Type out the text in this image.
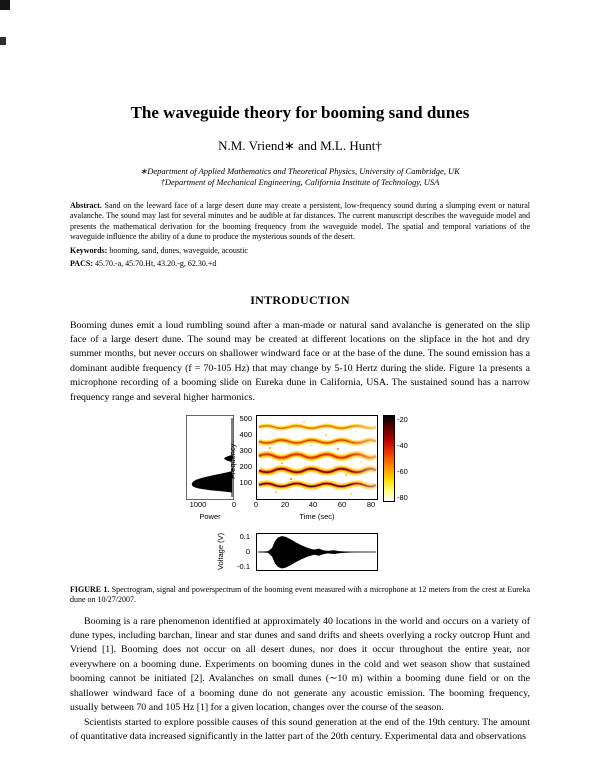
The waveguide theory for booming sand dunes
N.M. Vriend∗ and M.L. Hunt†
∗Department of Applied Mathematics and Theoretical Physics, University of Cambridge, UK
†Department of Mechanical Engineering, California Institute of Technology, USA

Abstract. Sand on the leeward face of a large desert dune may create a persistent, low-frequency sound during a slumping event or natural avalanche. The sound may last for several minutes and be audible at far distances. The current manuscript describes the waveguide model and presents the mathematical derivation for the booming frequency from the waveguide model. The spatial and temporal variations of the waveguide influence the ability of a dune to produce the mysterious sounds of the desert.

Keywords: booming, sand, dunes, waveguide, acoustic

PACS: 45.70.-a, 45.70.Ht, 43.20.-g, 62.30.+d

INTRODUCTION

Booming dunes emit a loud rumbling sound after a man-made or natural sand avalanche is generated on the slip face of a large desert dune. The sound may be created at different locations on the slipface in the hot and dry summer months, but never occurs on shallower windward face or at the base of the dune. The sound emission has a dominant audible frequency (f = 70-105 Hz) that may change by 5-10 Hertz during the slide. Figure 1a presents a microphone recording of a booming slide on Eureka dune in California, USA. The sustained sound has a narrow frequency range and several higher harmonics.

500
400
300
200
100
1000	0	0	20	40	60	80
-20
-40
-60
-80
0.1
0
-0.1
Frequency
Power	Time (sec)
Voltage (V)

FIGURE 1. Spectrogram, signal and powerspectrum of the booming event measured with a microphone at 12 meters from the crest at Eureka dune on 10/27/2007.

Booming is a rare phenomenon identified at approximately 40 locations in the world and occurs on a variety of dune types, including barchan, linear and star dunes and sand drifts and sheets overlying a rocky outcrop Hunt and Vriend [1]. Booming does not occur on all desert dunes, nor does it occur throughout the entire year, nor everywhere on a booming dune. Experiments on booming dunes in the cold and wet season show that sustained booming cannot be initiated [2]. Avalanches on small dunes (∼10 m) within a booming dune field or on the shallower windward face of a booming dune do not generate any acoustic emission. The booming frequency, usually between 70 and 105 Hz [1] for a given location, changes over the course of the season.

Scientists started to explore possible causes of this sound generation at the end of the 19th century. The amount of quantitative data increased significantly in the latter part of the 20th century. Experimental data and observations
